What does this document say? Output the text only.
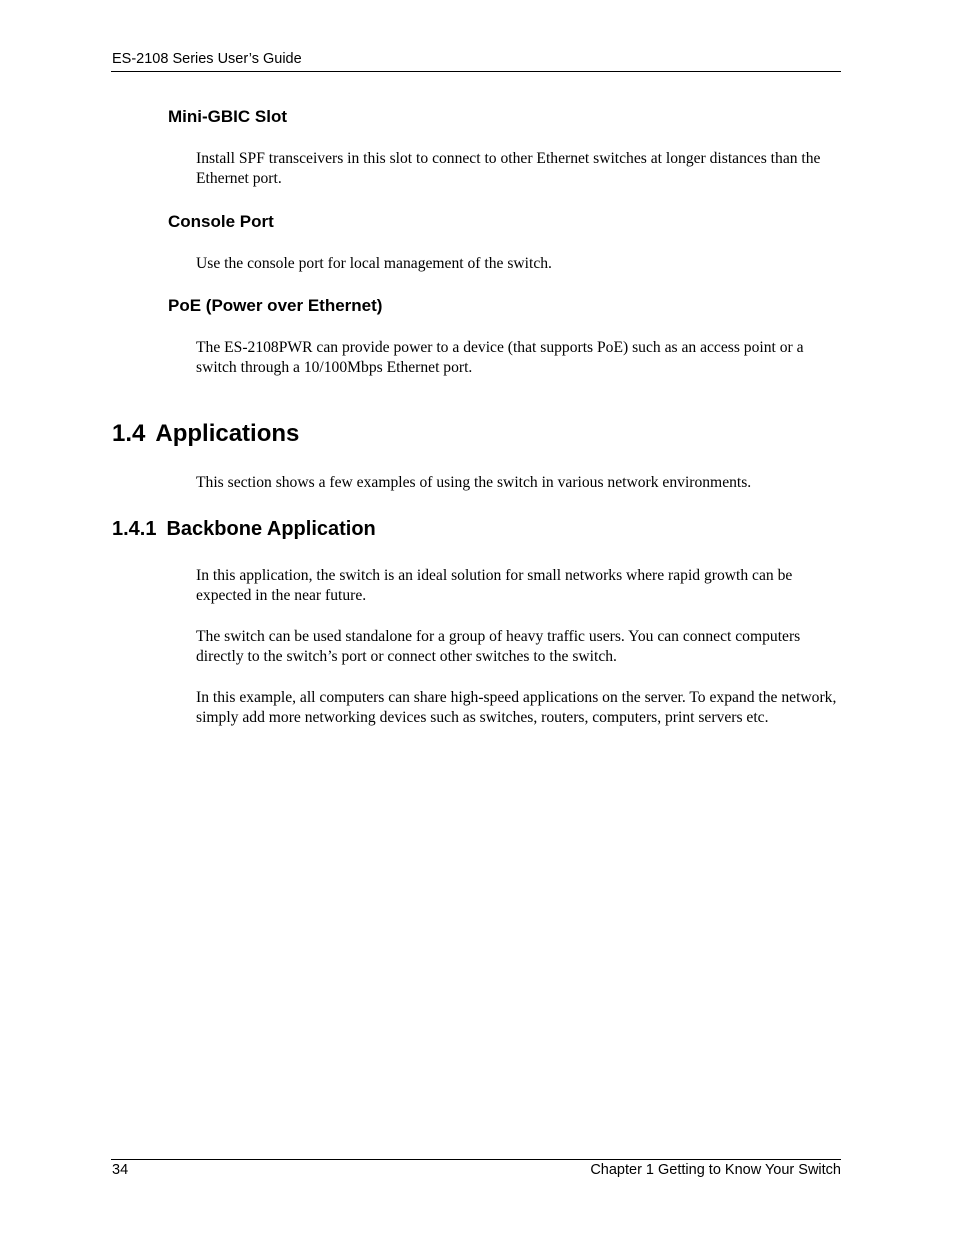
ES-2108 Series User’s Guide
Mini-GBIC Slot
Install SPF transceivers in this slot to connect to other Ethernet switches at longer distances than the Ethernet port.
Console Port
Use the console port for local management of the switch.
PoE (Power over Ethernet)
The ES-2108PWR can provide power to a device (that supports PoE) such as an access point or a switch through a 10/100Mbps Ethernet port.
1.4 Applications
This section shows a few examples of using the switch in various network environments.
1.4.1 Backbone Application
In this application, the switch is an ideal solution for small networks where rapid growth can be expected in the near future.
The switch can be used standalone for a group of heavy traffic users. You can connect computers directly to the switch’s port or connect other switches to the switch.
In this example, all computers can share high-speed applications on the server. To expand the network, simply add more networking devices such as switches, routers, computers, print servers etc.
34	Chapter 1 Getting to Know Your Switch
